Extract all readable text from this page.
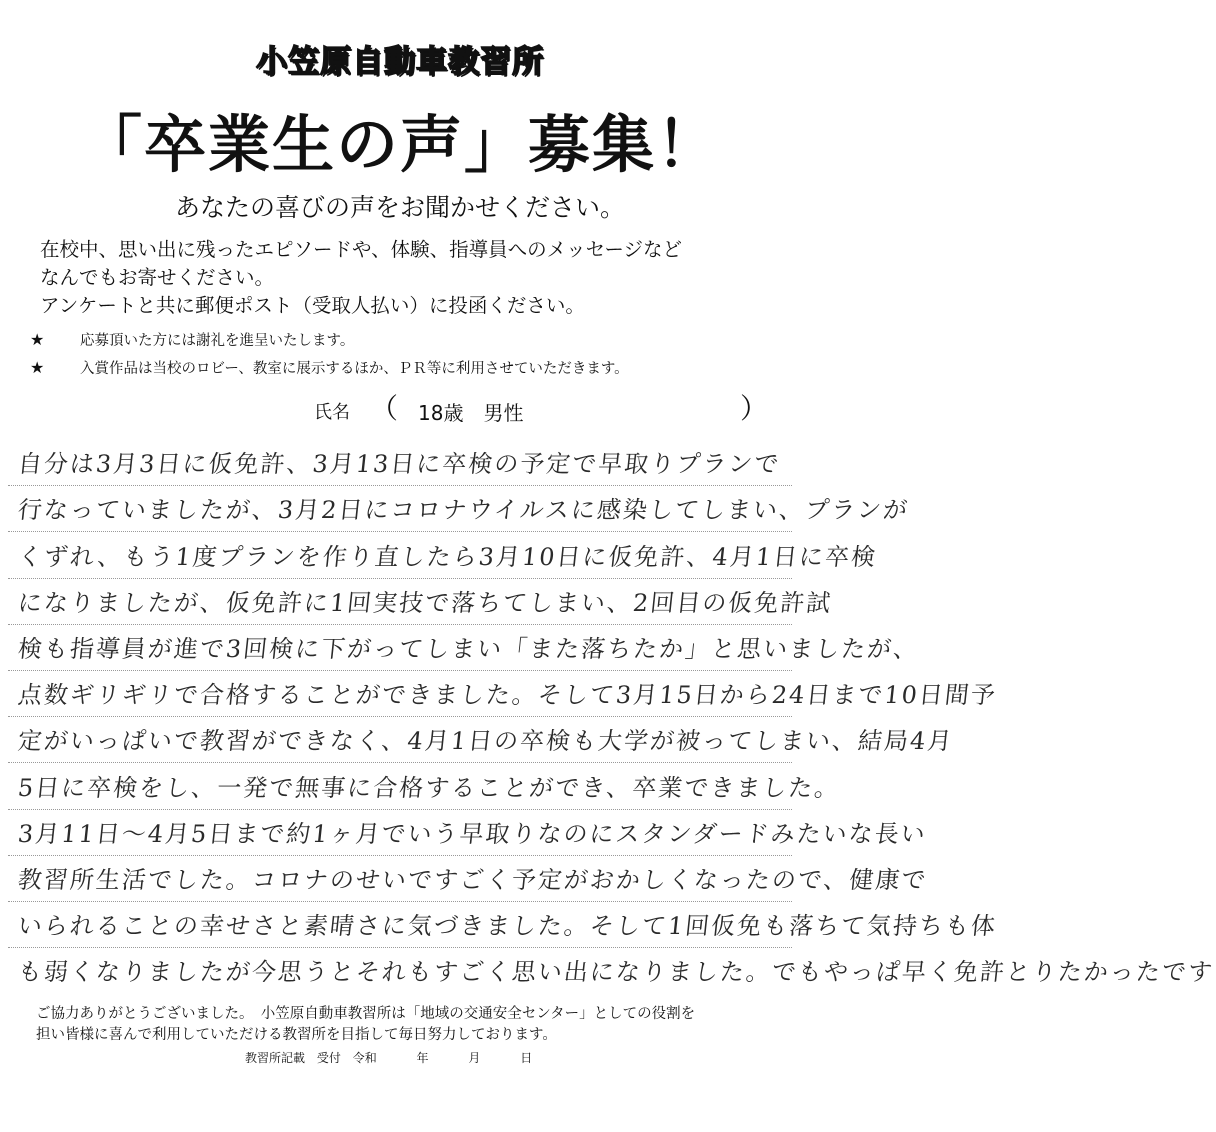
小笠原自動車教習所
「卒業生の声」募集！
あなたの喜びの声をお聞かせください。
在校中、思い出に残ったエピソードや、体験、指導員へのメッセージなど
なんでもお寄せください。
アンケートと共に郵便ポスト（受取人払い）に投函ください。
★ 応募頂いた方には謝礼を進呈いたします。
★ 入賞作品は当校のロビー、教室に展示するほか、ＰＲ等に利用させていただきます。
氏名 （ 18歳　男性	）
自分は3月3日に仮免許、3月13日に卒検の予定で早取りプランで
行なっていましたが、3月2日にコロナウイルスに感染してしまい、プランが
くずれ、もう1度プランを作り直したら3月10日に仮免許、4月1日に卒検
になりましたが、仮免許に1回実技で落ちてしまい、2回目の仮免許試
検も指導員が進で3回検に下がってしまい「また落ちたか」と思いましたが、
点数ギリギリで合格することができました。そして3月15日から24日まで10日間予
定がいっぱいで教習ができなく、4月1日の卒検も大学が被ってしまい、結局4月
5日に卒検をし、一発で無事に合格することができ、卒業できました。
3月11日〜4月5日まで約1ヶ月でいう早取りなのにスタンダードみたいな長い
教習所生活でした。コロナのせいですごく予定がおかしくなったので、健康で
いられることの幸せさと素晴さに気づきました。そして1回仮免も落ちて気持ちも体
も弱くなりましたが今思うとそれもすごく思い出になりました。でもやっぱ早く免許とりたかったです
ご協力ありがとうございました。　小笠原自動車教習所は「地域の交通安全センター」としての役割を
担い皆様に喜んで利用していただける教習所を目指して毎日努力しております。
教習所記載 受付 令和	年	月	日
